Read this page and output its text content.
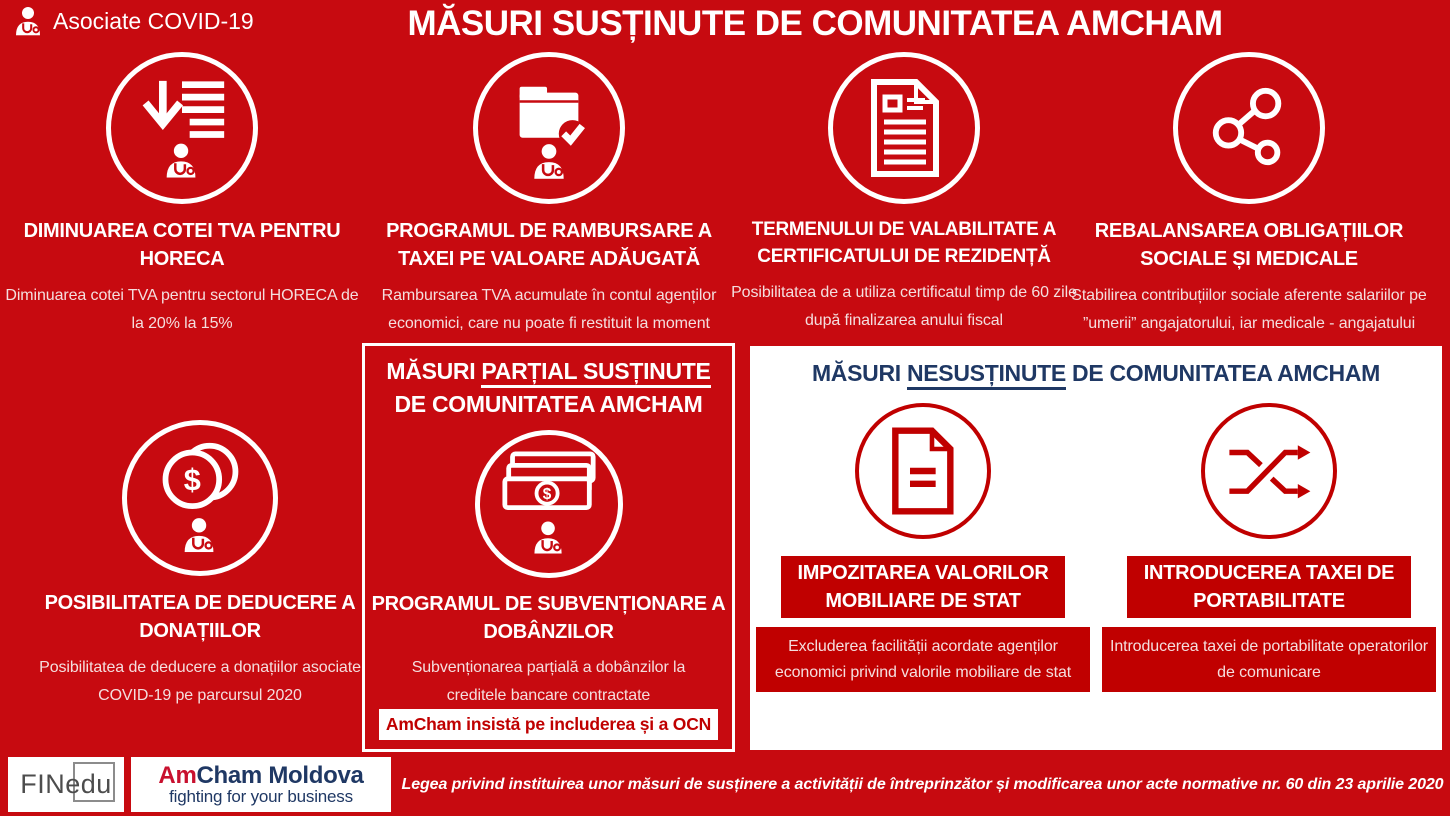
Asociate COVID-19	MĂSURI SUSȚINUTE DE COMUNITATEA AMCHAM
DIMINUAREA COTEI TVA PENTRU HORECA

Diminuarea cotei TVA pentru sectorul HORECA de la 20% la 15%

PROGRAMUL DE RAMBURSARE A TAXEI PE VALOARE ADĂUGATĂ

Rambursarea TVA acumulate în contul agenților economici, care nu poate fi restituit la moment

TERMENULUI DE VALABILITATE A CERTIFICATULUI DE REZIDENȚĂ

Posibilitatea de a utiliza certificatul timp de 60 zile după finalizarea anului fiscal

REBALANSAREA OBLIGAȚIILOR SOCIALE ȘI MEDICALE

Stabilirea contribuțiilor sociale aferente salariilor pe ”umerii” angajatorului, iar medicale - angajatului

$
POSIBILITATEA DE DEDUCERE A DONAȚIILOR

Posibilitatea de deducere a donațiilor asociate COVID-19 pe parcursul 2020

MĂSURI PARȚIAL SUSȚINUTE
DE COMUNITATEA AMCHAM
$
PROGRAMUL DE SUBVENȚIONARE A DOBÂNZILOR

Subvenționarea parțială a dobânzilor la creditele bancare contractate

AmCham insistă pe includerea și a OCN
MĂSURI NESUSȚINUTE DE COMUNITATEA AMCHAM
IMPOZITAREA VALORILOR MOBILIARE DE STAT
Excluderea facilității acordate agenților economici privind valorile mobiliare de stat
INTRODUCEREA TAXEI DE PORTABILITATE
Introducerea taxei de portabilitate operatorilor de comunicare
FINedu AmCham Moldova
fighting for your business
Legea privind instituirea unor măsuri de susținere a activității de întreprinzător și modificarea unor acte normative nr. 60 din 23 aprilie 2020
